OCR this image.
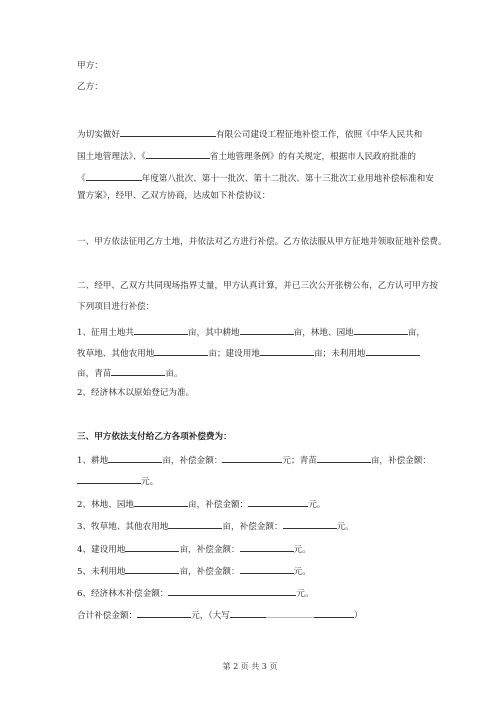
甲方：
乙方：
为切实做好	有限公司建设工程征地补偿工作，依照《中华人民共和
国土地管理法》、《	省土地管理条例》的有关规定，根据市人民政府批准的
《	年度第八批次、第十一批次、第十二批次、第十三批次工业用地补偿标准和安
置方案》，经甲、乙双方协商，达成如下补偿协议：
一、甲方依法征用乙方土地，并依法对乙方进行补偿。乙方依法服从甲方征地并领取征地补偿费。
二、经甲、乙双方共同现场指界丈量，甲方认真计算，并已三次公开张榜公布，乙方认可甲方按
下列项目进行补偿：
1、征用土地共	亩，其中耕地	亩，林地、园地	亩，
牧草地、其他农用地	亩；建设用地	亩；未利用地
亩，青苗	亩。
2、经济林木以原始登记为准。
三、甲方依法支付给乙方各项补偿费为：
1、耕地	亩，补偿金额：	元；青苗	亩，补偿金额：
元。
2、林地、园地	亩，补偿金额：	元。
3、牧草地、其他农用地	亩，补偿金额：	元。
4、建设用地	亩，补偿金额：	元。
5、未利用地	亩，补偿金额：	元。
6、经济林木补偿金额：	元。
合计补偿金额：	元，（大写	）
第 2 页 共 3 页
